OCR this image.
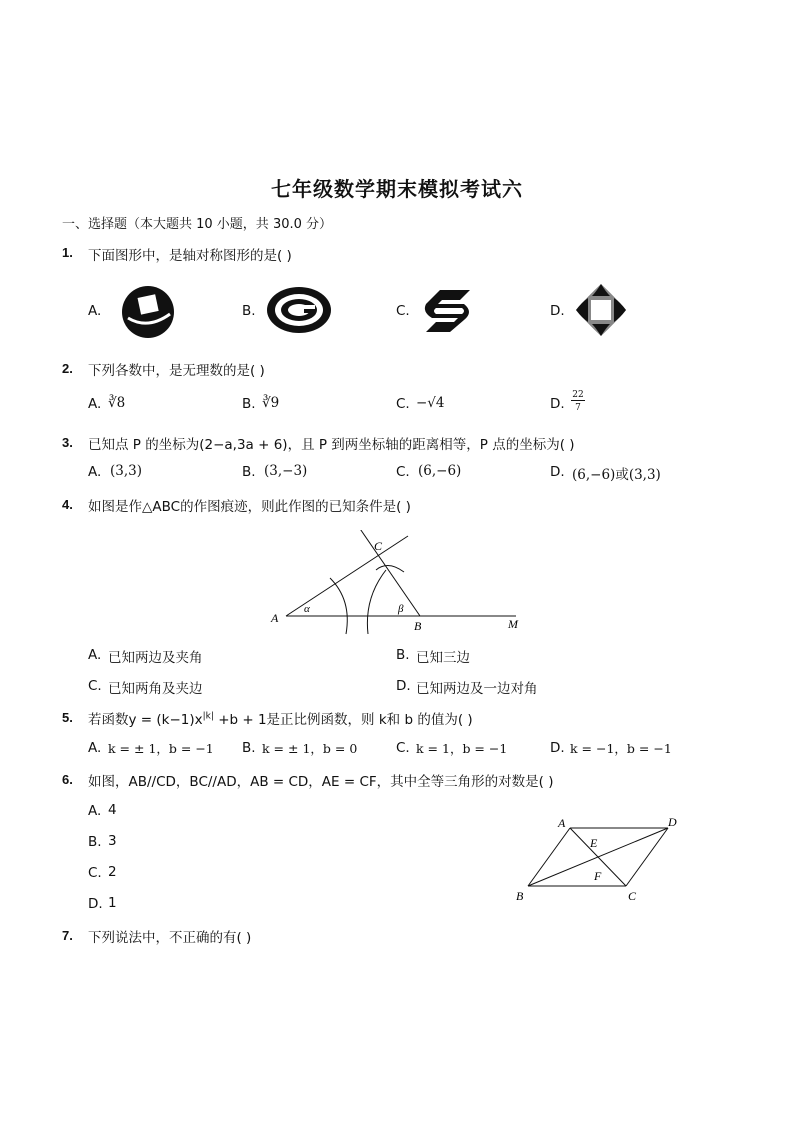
七年级数学期末模拟考试六
一、选择题（本大题共 10 小题，共 30.0 分）
1. 下面图形中，是轴对称图形的是( )
A.	B.	C.	D.
2. 下列各数中，是无理数的是( )
A. ∛8	B. ∛9	C. −√4	D.
22
7
3. 已知点 P 的坐标为(2−a,3a + 6)，且 P 到两坐标轴的距离相等，P 点的坐标为( )
A. (3,3)	B. (3,−3)	C. (6,−6)	D. (6,−6)或(3,3)
4. 如图是作△ABC的作图痕迹，则此作图的已知条件是( )
A
B
C
M
α	β
A. 已知两边及夹角	B. 已知三边
C. 已知两角及夹边	D. 已知两边及一边对角
5. 若函数$y = (k-1)x^{|k|} +b + 1$是正比例函数，则 k和 b 的值为( )
A. k = ± 1，b = −1 B. k = ± 1，b = 0	C. k = 1，b = −1	D. k = −1，b = −1
6. 如图，AB//CD，BC//AD，AB = CD，AE = CF，其中全等三角形的对数是( )
A. 4
B. 3
C. 2
D. 1
A
B	C
D
E
F
7. 下列说法中，不正确的有( )
